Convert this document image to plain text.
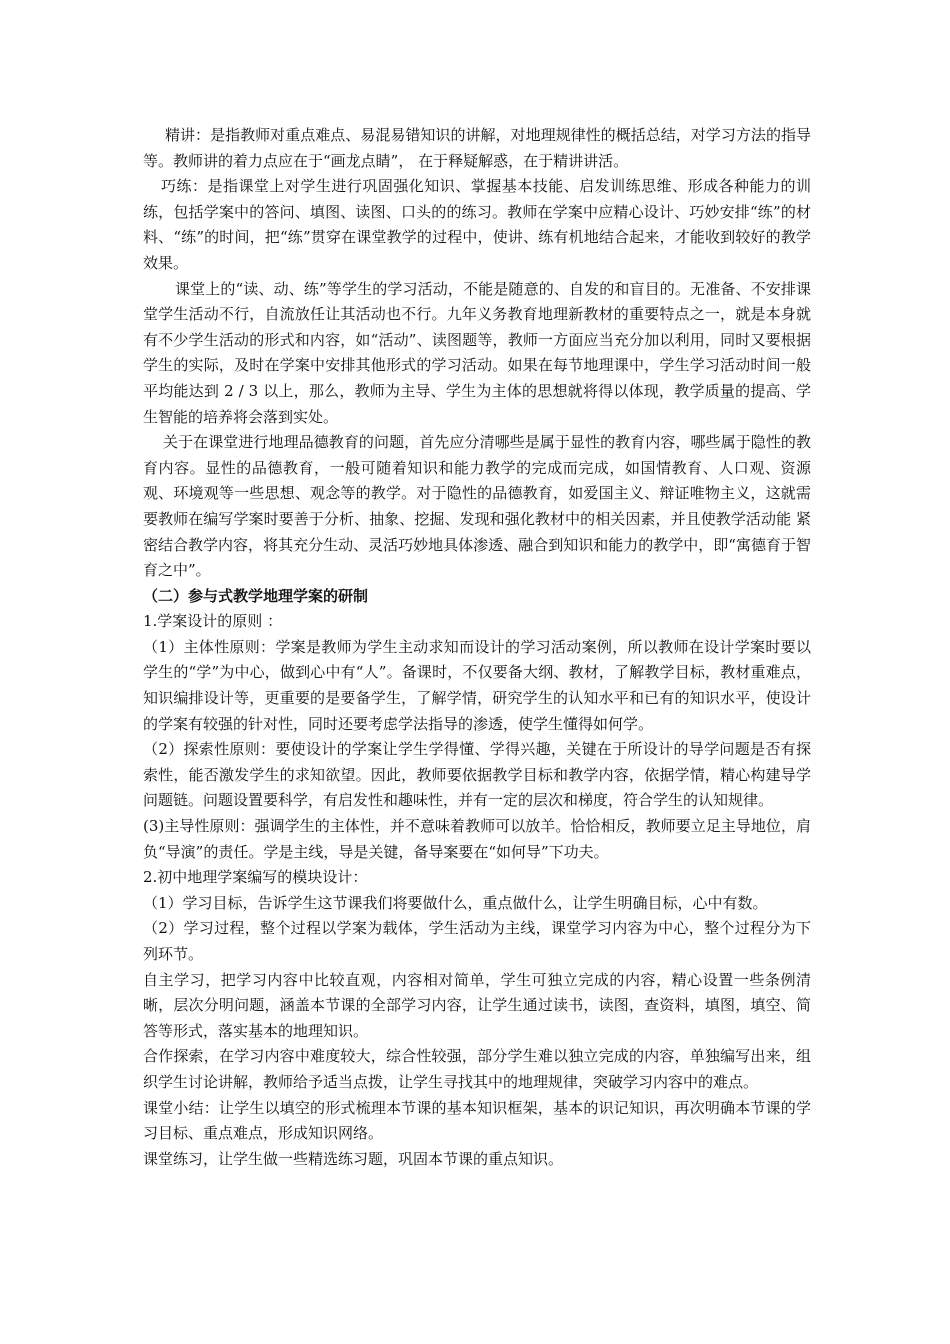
精讲：是指教师对重点难点、易混易错知识的讲解，对地理规律性的概括总结，对学习方法的指导等。教师讲的着力点应在于“画龙点睛”， 在于释疑解惑，在于精讲讲活。

巧练：是指课堂上对学生进行巩固强化知识、掌握基本技能、启发训练思维、形成各种能力的训练，包括学案中的答问、填图、读图、口头的的练习。教师在学案中应精心设计、巧妙安排“练”的材料、“练”的时间，把“练”贯穿在课堂教学的过程中，使讲、练有机地结合起来，才能收到较好的教学效果。

课堂上的“读、动、练”等学生的学习活动，不能是随意的、自发的和盲目的。无准备、不安排课堂学生活动不行，自流放任让其活动也不行。九年义务教育地理新教材的重要特点之一，就是本身就有不少学生活动的形式和内容，如“活动”、读图题等，教师一方面应当充分加以利用，同时又要根据学生的实际，及时在学案中安排其他形式的学习活动。如果在每节地理课中，学生学习活动时间一般平均能达到 2 / 3 以上，那么，教师为主导、学生为主体的思想就将得以体现，教学质量的提高、学生智能的培养将会落到实处。

关于在课堂进行地理品德教育的问题，首先应分清哪些是属于显性的教育内容，哪些属于隐性的教育内容。显性的品德教育，一般可随着知识和能力教学的完成而完成，如国情教育、人口观、资源观、环境观等一些思想、观念等的教学。对于隐性的品德教育，如爱国主义、辩证唯物主义，这就需要教师在编写学案时要善于分析、抽象、挖掘、发现和强化教材中的相关因素，并且使教学活动能 紧密结合教学内容，将其充分生动、灵活巧妙地具体渗透、融合到知识和能力的教学中，即“寓德育于智育之中”。

（二）参与式教学地理学案的研制

1.学案设计的原则 ：

（1）主体性原则：学案是教师为学生主动求知而设计的学习活动案例，所以教师在设计学案时要以学生的“学”为中心，做到心中有“人”。备课时，不仅要备大纲、教材，了解教学目标，教材重难点，知识编排设计等，更重要的是要备学生，了解学情，研究学生的认知水平和已有的知识水平，使设计的学案有较强的针对性，同时还要考虑学法指导的渗透，使学生懂得如何学。

（2）探索性原则：要使设计的学案让学生学得懂、学得兴趣，关键在于所设计的导学问题是否有探索性，能否激发学生的求知欲望。因此，教师要依据教学目标和教学内容，依据学情，精心构建导学问题链。问题设置要科学，有启发性和趣味性，并有一定的层次和梯度，符合学生的认知规律。

(3)主导性原则：强调学生的主体性，并不意味着教师可以放羊。恰恰相反，教师要立足主导地位，肩负“导演”的责任。学是主线，导是关键，备导案要在“如何导”下功夫。

2.初中地理学案编写的模块设计：

（1）学习目标，告诉学生这节课我们将要做什么，重点做什么，让学生明确目标，心中有数。

（2）学习过程，整个过程以学案为载体，学生活动为主线，课堂学习内容为中心，整个过程分为下列环节。

自主学习，把学习内容中比较直观，内容相对简单，学生可独立完成的内容，精心设置一些条例清晰，层次分明问题，涵盖本节课的全部学习内容，让学生通过读书，读图，查资料，填图，填空、简答等形式，落实基本的地理知识。

合作探索，在学习内容中难度较大，综合性较强，部分学生难以独立完成的内容，单独编写出来，组织学生讨论讲解，教师给予适当点拨，让学生寻找其中的地理规律，突破学习内容中的难点。

课堂小结：让学生以填空的形式梳理本节课的基本知识框架，基本的识记知识，再次明确本节课的学习目标、重点难点，形成知识网络。

课堂练习，让学生做一些精选练习题，巩固本节课的重点知识。
